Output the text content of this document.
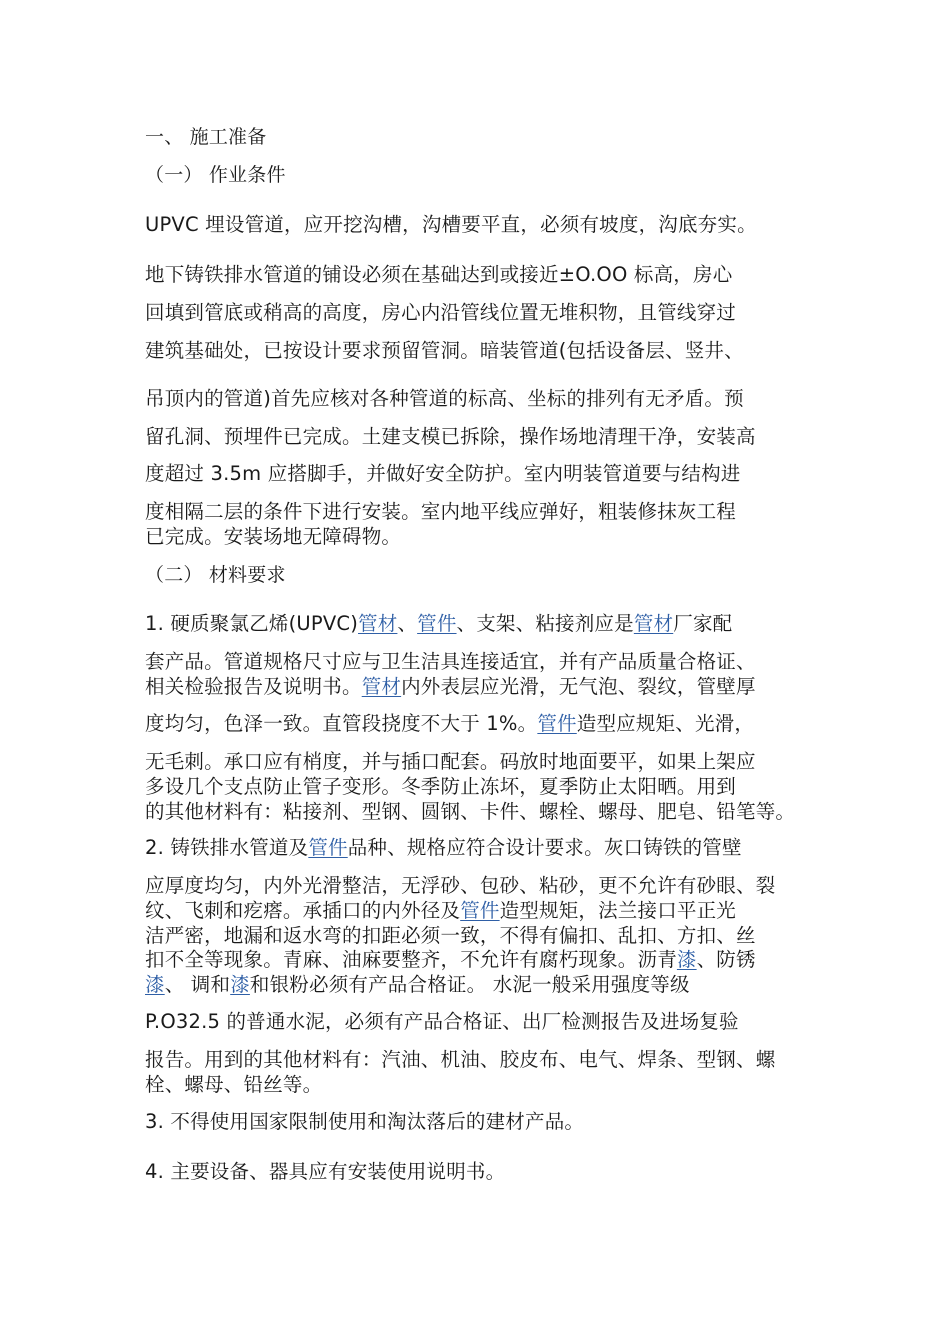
一、 施工准备
（一） 作业条件
UPVC 埋设管道，应开挖沟槽，沟槽要平直，必须有坡度，沟底夯实。
地下铸铁排水管道的铺设必须在基础达到或接近±O.OO 标高，房心
回填到管底或稍高的高度，房心内沿管线位置无堆积物，且管线穿过
建筑基础处，已按设计要求预留管洞。暗装管道(包括设备层、竖井、
吊顶内的管道)首先应核对各种管道的标高、坐标的排列有无矛盾。预
留孔洞、预埋件已完成。土建支模已拆除，操作场地清理干净，安装高
度超过 3.5m 应搭脚手，并做好安全防护。室内明装管道要与结构进
度相隔二层的条件下进行安装。室内地平线应弹好，粗装修抹灰工程
已完成。安装场地无障碍物。
（二） 材料要求
1. 硬质聚氯乙烯(UPVC)管材、管件、支架、粘接剂应是管材厂家配
套产品。管道规格尺寸应与卫生洁具连接适宜，并有产品质量合格证、
相关检验报告及说明书。管材内外表层应光滑，无气泡、裂纹，管壁厚
度均匀，色泽一致。直管段挠度不大于 1%。管件造型应规矩、光滑，
无毛刺。承口应有梢度，并与插口配套。码放时地面要平，如果上架应
多设几个支点防止管子变形。冬季防止冻坏，夏季防止太阳晒。用到
的其他材料有：粘接剂、型钢、圆钢、卡件、螺栓、螺母、肥皂、铅笔等。
2. 铸铁排水管道及管件品种、规格应符合设计要求。灰口铸铁的管壁
应厚度均匀，内外光滑整洁，无浮砂、包砂、粘砂，更不允许有砂眼、裂
纹、飞刺和疙瘩。承插口的内外径及管件造型规矩，法兰接口平正光
洁严密，地漏和返水弯的扣距必须一致，不得有偏扣、乱扣、方扣、丝
扣不全等现象。青麻、油麻要整齐，不允许有腐朽现象。沥青漆、防锈
漆、 调和漆和银粉必须有产品合格证。 水泥一般采用强度等级
P.O32.5 的普通水泥，必须有产品合格证、出厂检测报告及进场复验
报告。用到的其他材料有：汽油、机油、胶皮布、电气、焊条、型钢、螺
栓、螺母、铅丝等。
3. 不得使用国家限制使用和淘汰落后的建材产品。
4. 主要设备、器具应有安装使用说明书。
